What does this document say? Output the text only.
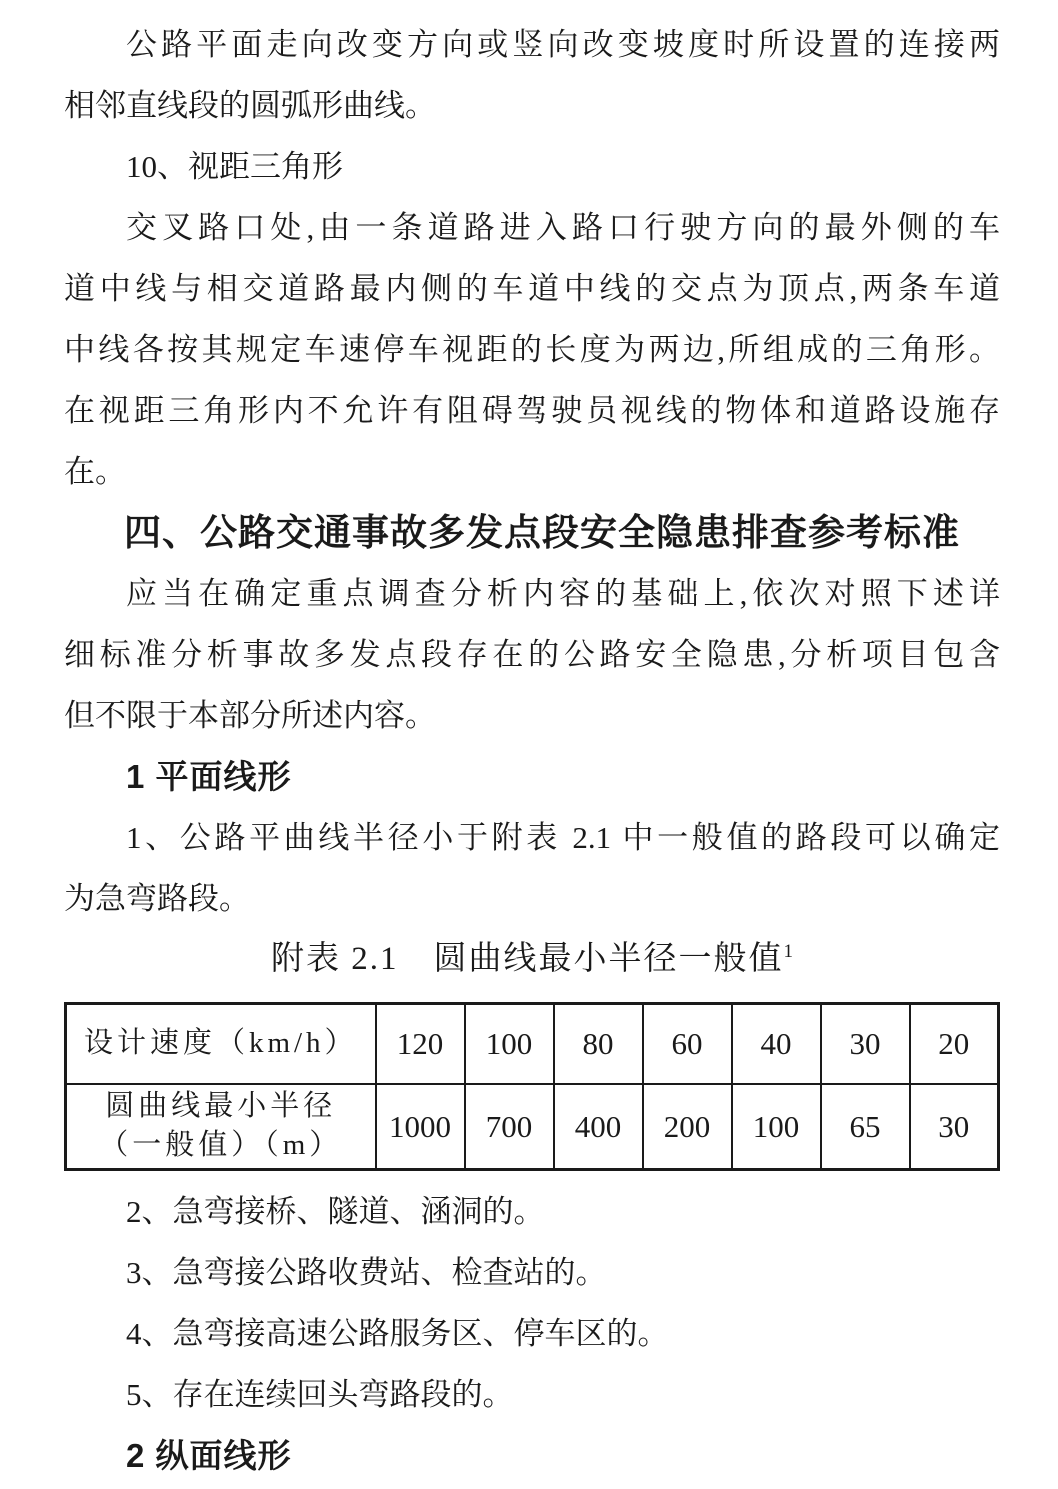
公路平面走向改变方向或竖向改变坡度时所设置的连接两

相邻直线段的圆弧形曲线。

10、视距三角形

交叉路口处,由一条道路进入路口行驶方向的最外侧的车

道中线与相交道路最内侧的车道中线的交点为顶点,两条车道

中线各按其规定车速停车视距的长度为两边,所组成的三角形。

在视距三角形内不允许有阻碍驾驶员视线的物体和道路设施存

在。

四、公路交通事故多发点段安全隐患排查参考标准

应当在确定重点调查分析内容的基础上,依次对照下述详

细标准分析事故多发点段存在的公路安全隐患,分析项目包含

但不限于本部分所述内容。

1 平面线形

1、公路平曲线半径小于附表 2.1 中一般值的路段可以确定

为急弯路段。

附表 2.1　圆曲线最小半径一般值$^1$
设计速度（km/h）	120	100	80	60	40	30	20

圆曲线最小半径
（一般值）（m）	1000	700	400	200	100	65	30

2、急弯接桥、隧道、涵洞的。

3、急弯接公路收费站、检查站的。

4、急弯接高速公路服务区、停车区的。

5、存在连续回头弯路段的。

2 纵面线形
